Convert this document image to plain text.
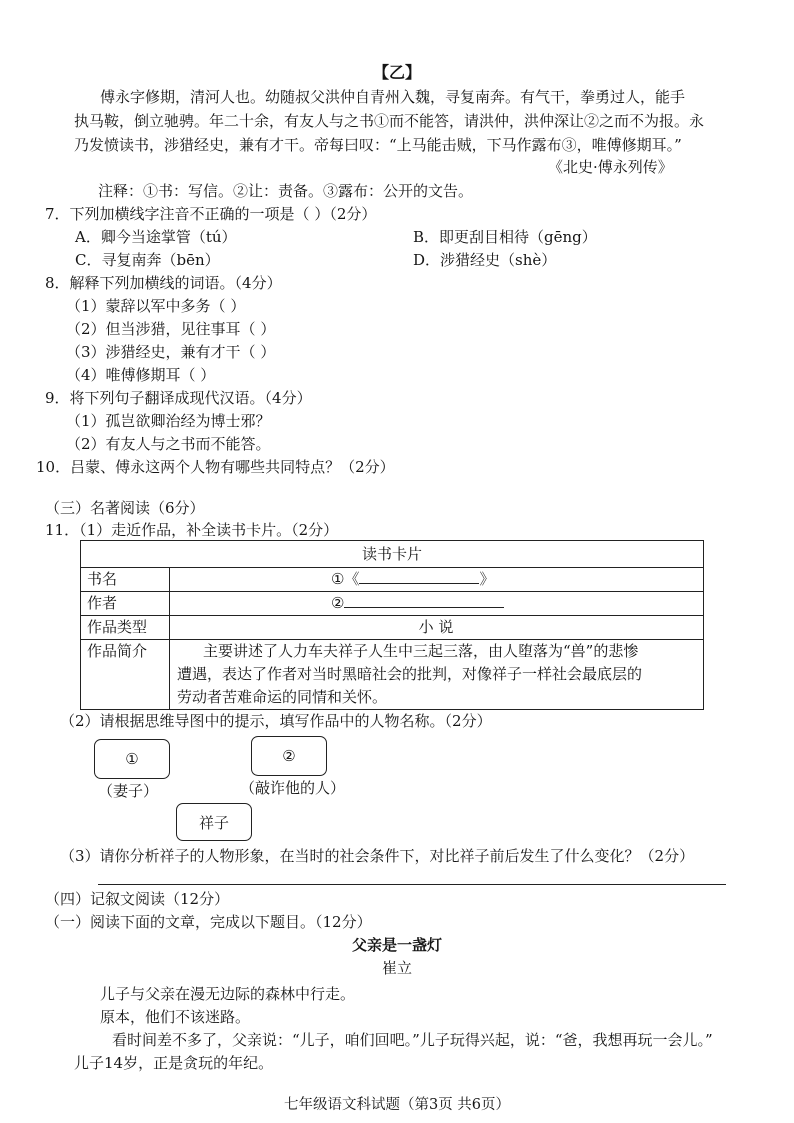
【乙】
傅永字修期，清河人也。幼随叔父洪仲自青州入魏，寻复南奔。有气干，拳勇过人，能手
执马鞍，倒立驰骋。年二十余，有友人与之书①而不能答，请洪仲，洪仲深让②之而不为报。永
乃发愤读书，涉猎经史，兼有才干。帝每曰叹：“上马能击贼，下马作露布③，唯傅修期耳。”
《北史·傅永列传》
注释：①书：写信。②让：责备。③露布：公开的文告。
7．下列加横线字注音不正确的一项是（ ）（2分）
A．卿今当途掌管（tú）	B．即更刮目相待（gēng）
C．寻复南奔（bēn）	D．涉猎经史（shè）
8．解释下列加横线的词语。（4分）
（1）蒙辞以军中多务（ ）
（2）但当涉猎，见往事耳（ ）
（3）涉猎经史，兼有才干（ ）
（4）唯傅修期耳（ ）
9．将下列句子翻译成现代汉语。（4分）
（1）孤岂欲卿治经为博士邪？
（2）有友人与之书而不能答。
10．吕蒙、傅永这两个人物有哪些共同特点？（2分）
（三）名著阅读（6分）
11．（1）走近作品，补全读书卡片。（2分）
读书卡片
书名	①《	》
作者	②
作品类型	小 说
作品简介	主要讲述了人力车夫祥子人生中三起三落，由人堕落为“兽”的悲惨
遭遇，表达了作者对当时黑暗社会的批判，对像祥子一样社会最底层的
劳动者苦难命运的同情和关怀。
（2）请根据思维导图中的提示，填写作品中的人物名称。（2分）
①
（妻子）
②
（敲诈他的人）
祥子
（3）请你分析祥子的人物形象，在当时的社会条件下，对比祥子前后发生了什么变化？（2分）
（四）记叙文阅读（12分）
（一）阅读下面的文章，完成以下题目。（12分）
父亲是一盏灯
崔立
儿子与父亲在漫无边际的森林中行走。
原本，他们不该迷路。
看时间差不多了，父亲说：“儿子，咱们回吧。”儿子玩得兴起，说：“爸，我想再玩一会儿。”
儿子14岁，正是贪玩的年纪。
七年级语文科试题（第3页 共6页）
